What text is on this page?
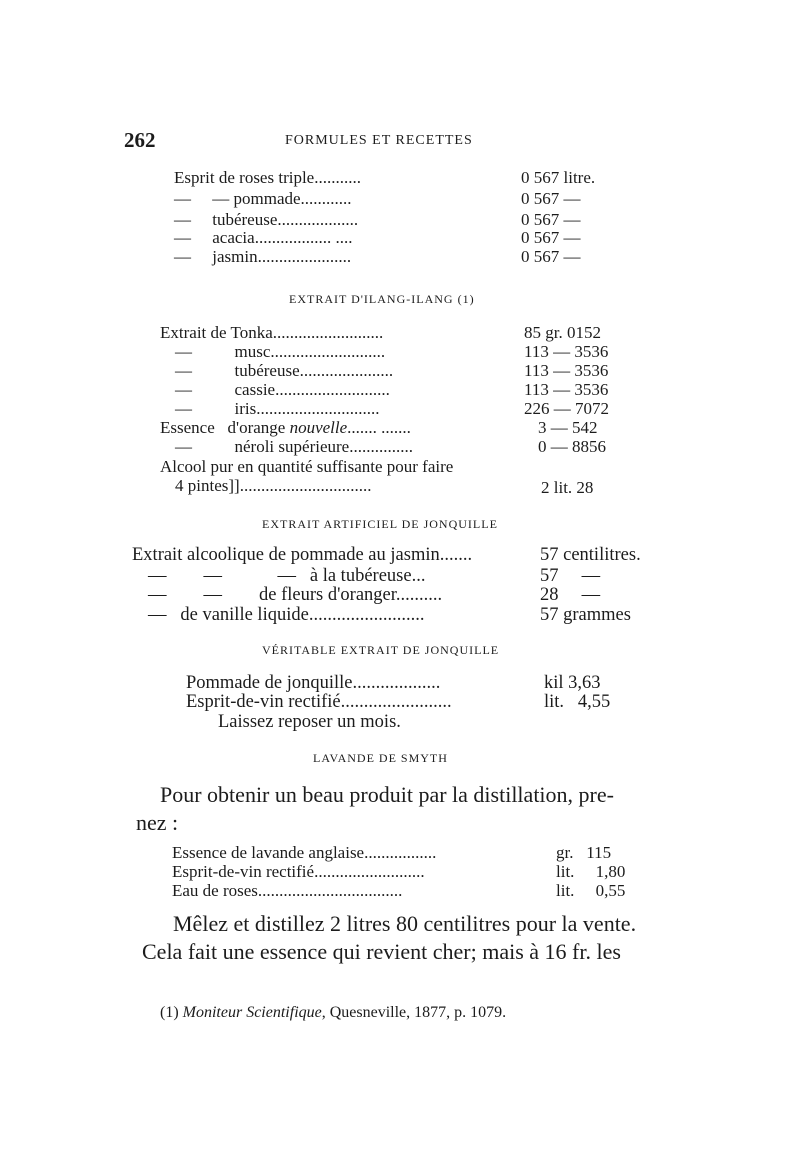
262	FORMULES ET RECETTES
Esprit de roses triple...........	0 567 litre.
—     — pommade............	0 567 —
—     tubéreuse...................	0 567 —
—     acacia.................. ....	0 567 —
—     jasmin......................	0 567 —
EXTRAIT D'ILANG-ILANG (1)
Extrait de Tonka..........................	85 gr. 0152
—          musc...........................	113 — 3536
—          tubéreuse......................	113 — 3536
—          cassie...........................	113 — 3536
—          iris.............................	226 — 7072
Essence   d'orange nouvelle....... .......	3 — 542
—          néroli supérieure...............	0 — 8856
Alcool pur en quantité suffisante pour faire
4 pintes]]...............................	2 lit. 28
EXTRAIT ARTIFICIEL DE JONQUILLE
Extrait alcoolique de pommade au jasmin.......	57 centilitres.
—        —            —   à la tubéreuse...	57     —
—        —        de fleurs d'oranger..........	28     —
—   de vanille liquide.........................	57 grammes
VÉRITABLE EXTRAIT DE JONQUILLE
Pommade de jonquille...................	kil 3,63
Esprit-de-vin rectifié........................	lit.   4,55
Laissez reposer un mois.
LAVANDE DE SMYTH
Pour obtenir un beau produit par la distillation, pre-
nez :
Essence de lavande anglaise.................	gr.   115
Esprit-de-vin rectifié..........................	lit.     1,80
Eau de roses..................................	lit.     0,55
Mêlez et distillez 2 litres 80 centilitres pour la vente.
Cela fait une essence qui revient cher; mais à 16 fr. les
(1) Moniteur Scientifique, Quesneville, 1877, p. 1079.
